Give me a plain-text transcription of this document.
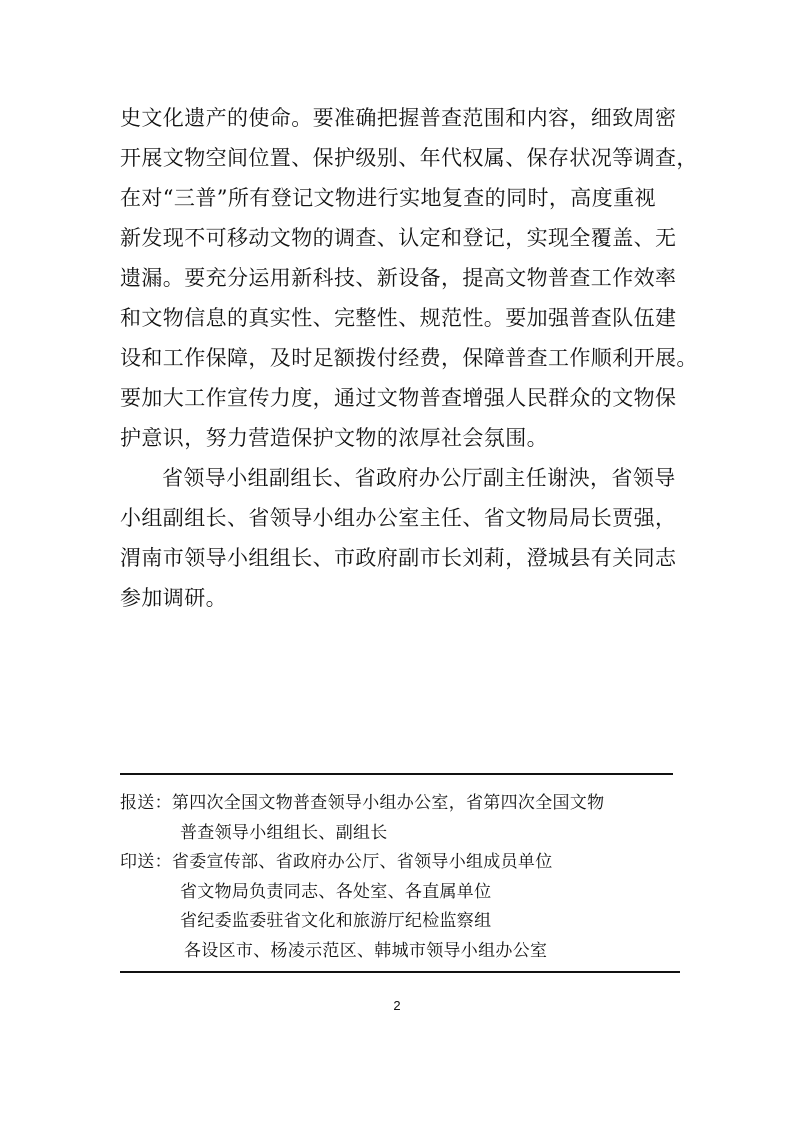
史文化遗产的使命。要准确把握普查范围和内容，细致周密
开展文物空间位置、保护级别、年代权属、保存状况等调查，
在对“三普”所有登记文物进行实地复查的同时，高度重视
新发现不可移动文物的调查、认定和登记，实现全覆盖、无
遗漏。要充分运用新科技、新设备，提高文物普查工作效率
和文物信息的真实性、完整性、规范性。要加强普查队伍建
设和工作保障，及时足额拨付经费，保障普查工作顺利开展。
要加大工作宣传力度，通过文物普查增强人民群众的文物保
护意识，努力营造保护文物的浓厚社会氛围。
省领导小组副组长、省政府办公厅副主任谢泱，省领导
小组副组长、省领导小组办公室主任、省文物局局长贾强，
渭南市领导小组组长、市政府副市长刘莉，澄城县有关同志
参加调研。
报送：第四次全国文物普查领导小组办公室，省第四次全国文物
普查领导小组组长、副组长
印送：省委宣传部、省政府办公厅、省领导小组成员单位
省文物局负责同志、各处室、各直属单位
省纪委监委驻省文化和旅游厅纪检监察组
各设区市、杨凌示范区、韩城市领导小组办公室
2
